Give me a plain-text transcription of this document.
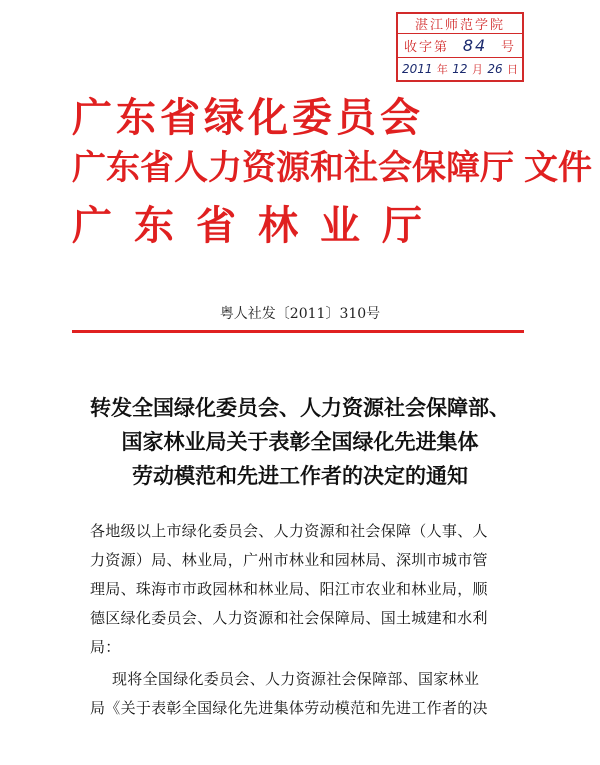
湛江师范学院
收字第 84 号
2011 年 12 月 26 日
广东省绿化委员会
广东省人力资源和社会保障厅 文件
广东省林业厅
粤人社发〔2011〕310号
转发全国绿化委员会、人力资源社会保障部、
国家林业局关于表彰全国绿化先进集体
劳动模范和先进工作者的决定的通知
各地级以上市绿化委员会、人力资源和社会保障（人事、人
力资源）局、林业局，广州市林业和园林局、深圳市城市管
理局、珠海市市政园林和林业局、阳江市农业和林业局，顺
德区绿化委员会、人力资源和社会保障局、国土城建和水利
局：
现将全国绿化委员会、人力资源社会保障部、国家林业
局《关于表彰全国绿化先进集体劳动模范和先进工作者的决
